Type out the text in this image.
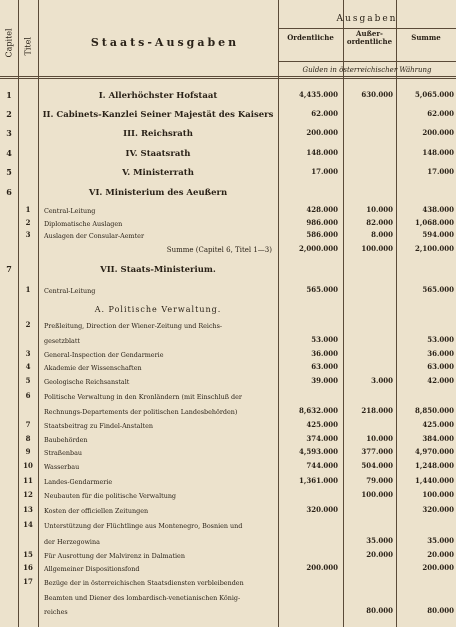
Capitel Titel	Staats-Ausgaben
Ausgaben
Ordentliche	Außer-
ordentliche	Summe
Gulden in österreichischer Währung
1	I. Allerhöchster Hofstaat	4,435.000	630.000	5,065.000
2	II. Cabinets-Kanzlei Seiner Majestät des Kaisers	62.000	62.000
3	III. Reichsrath	200.000	200.000
4	IV. Staatsrath	148.000	148.000
5	V. Ministerrath	17.000	17.000
6	VI. Ministerium des Aeußern
1	Central-Leitung	428.000	10.000	438.000
2	Diplomatische Auslagen	986.000	82.000	1,068.000
3	Auslagen der Consular-Aemter	586.000	8.000	594.000
Summe (Capitel 6, Titel 1—3)	2,000.000	100.000	2,100.000
7	VII. Staats-Ministerium.
1	Central-Leitung	565.000	565.000
A. Politische Verwaltung.
2	Preßleitung, Direction der Wiener-Zeitung und Reichs-
gesetzblatt	53.000	53.000
3	General-Inspection der Gendarmerie	36.000	36.000
4	Akademie der Wissenschaften	63.000	63.000
5	Geologische Reichsanstalt	39.000	3.000	42.000
6	Politische Verwaltung in den Kronländern (mit Einschluß der
Rechnungs-Departements der politischen Landesbehörden)	8,632.000	218.000	8,850.000
7	Staatsbeitrag zu Findel-Anstalten	425.000	425.000
8	Baubehörden	374.000	10.000	384.000
9	Straßenbau	4,593.000	377.000	4,970.000
10	Wasserbau	744.000	504.000	1,248.000
11	Landes-Gendarmerie	1,361.000	79.000	1,440.000
12	Neubauten für die politische Verwaltung	100.000	100.000
13	Kosten der officiellen Zeitungen	320.000	320.000
14	Unterstützung der Flüchtlinge aus Montenegro, Bosnien und
der Herzegowina	35.000	35.000
15	Für Ausrottung der Malvirenz in Dalmatien	20.000	20.000
16	Allgemeiner Dispositionsfond	200.000	200.000
17	Bezüge der in österreichischen Staatsdiensten verbleibenden
Beamten und Diener des lombardisch-venetianischen König-
reiches	80.000	80.000
